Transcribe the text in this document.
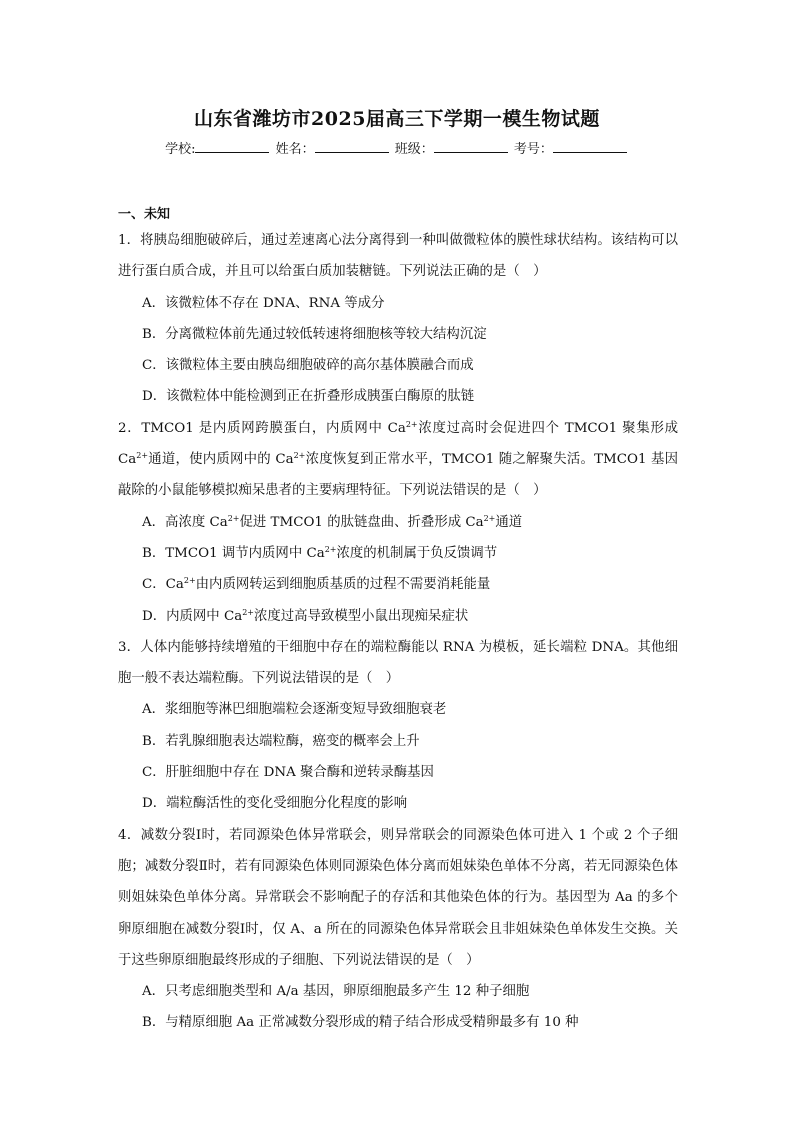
山东省潍坊市2025届高三下学期一模生物试题
学校:	姓名：	班级：	考号：
一、未知

1．将胰岛细胞破碎后，通过差速离心法分离得到一种叫做微粒体的膜性球状结构。该结构可以进行蛋白质合成，并且可以给蛋白质加装糖链。下列说法正确的是（　）

A．该微粒体不存在 DNA、RNA 等成分

B．分离微粒体前先通过较低转速将细胞核等较大结构沉淀

C．该微粒体主要由胰岛细胞破碎的高尔基体膜融合而成

D．该微粒体中能检测到正在折叠形成胰蛋白酶原的肽链

2．TMCO1 是内质网跨膜蛋白，内质网中 $Ca^{2+}$浓度过高时会促进四个 TMCO1 聚集形成 $Ca^{2+}$通道，使内质网中的 $Ca^{2+}$浓度恢复到正常水平，TMCO1 随之解聚失活。TMCO1 基因敲除的小鼠能够模拟痴呆患者的主要病理特征。下列说法错误的是（　）

A．高浓度 $Ca^{2+}$促进 TMCO1 的肽链盘曲、折叠形成 $Ca^{2+}$通道

B．TMCO1 调节内质网中 $Ca^{2+}$浓度的机制属于负反馈调节

C．$Ca^{2+}$由内质网转运到细胞质基质的过程不需要消耗能量

D．内质网中 $Ca^{2+}$浓度过高导致模型小鼠出现痴呆症状

3．人体内能够持续增殖的干细胞中存在的端粒酶能以 RNA 为模板，延长端粒 DNA。其他细胞一般不表达端粒酶。下列说法错误的是（　）

A．浆细胞等淋巴细胞端粒会逐渐变短导致细胞衰老

B．若乳腺细胞表达端粒酶，癌变的概率会上升

C．肝脏细胞中存在 DNA 聚合酶和逆转录酶基因

D．端粒酶活性的变化受细胞分化程度的影响

4．减数分裂Ⅰ时，若同源染色体异常联会，则异常联会的同源染色体可进入 1 个或 2 个子细胞；减数分裂Ⅱ时，若有同源染色体则同源染色体分离而姐妹染色单体不分离，若无同源染色体则姐妹染色单体分离。异常联会不影响配子的存活和其他染色体的行为。基因型为 Aa 的多个卵原细胞在减数分裂Ⅰ时，仅 A、a 所在的同源染色体异常联会且非姐妹染色单体发生交换。关于这些卵原细胞最终形成的子细胞、下列说法错误的是（　）

A．只考虑细胞类型和 A/a 基因，卵原细胞最多产生 12 种子细胞

B．与精原细胞 Aa 正常减数分裂形成的精子结合形成受精卵最多有 10 种
